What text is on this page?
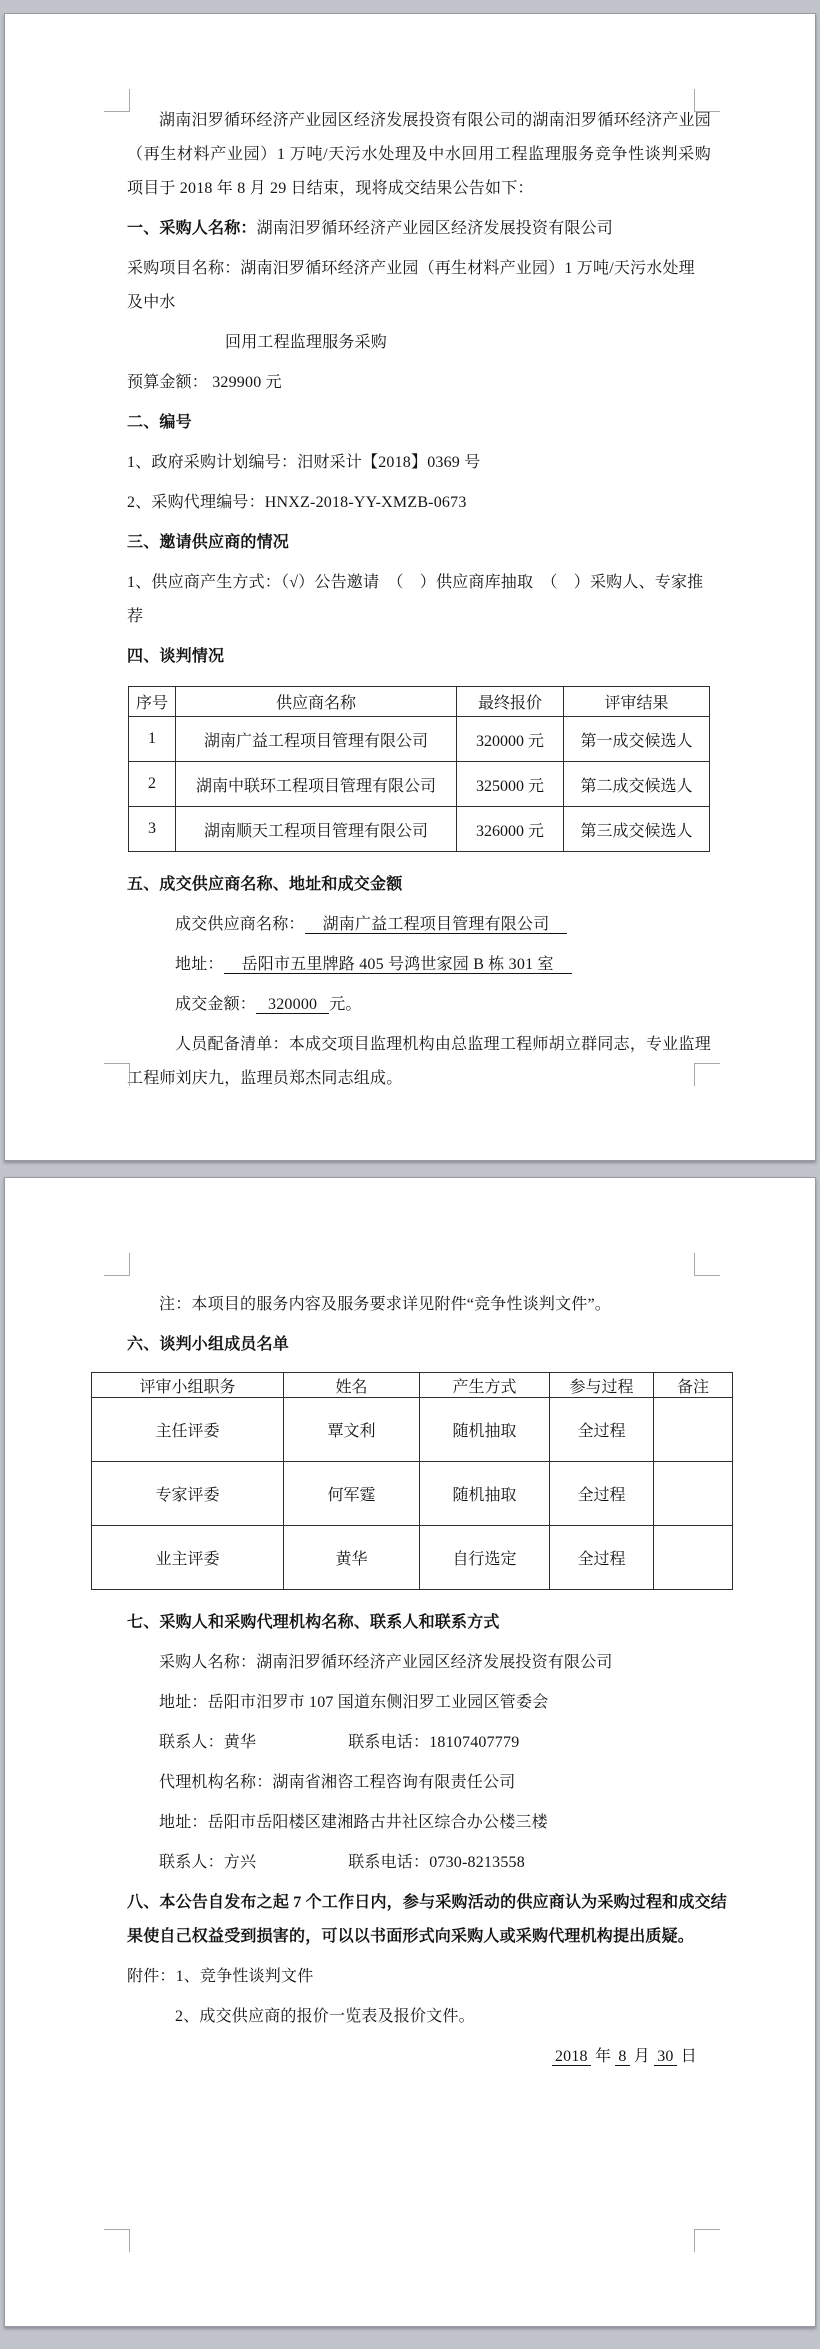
湖南汨罗循环经济产业园区经济发展投资有限公司的湖南汨罗循环经济产业园（再生材料产业园）1 万吨/天污水处理及中水回用工程监理服务竞争性谈判采购项目于 2018 年 8 月 29 日结束，现将成交结果公告如下：

一、采购人名称：湖南汨罗循环经济产业园区经济发展投资有限公司

采购项目名称：湖南汨罗循环经济产业园（再生材料产业园）1 万吨/天污水处理及中水

回用工程监理服务采购

预算金额： 329900 元

二、编号

1、政府采购计划编号：汨财采计【2018】0369 号

2、采购代理编号：HNXZ-2018-YY-XMZB-0673

三、邀请供应商的情况

1、供应商产生方式：（√）公告邀请　（　）供应商库抽取　（　）采购人、专家推荐

四、谈判情况

序号	供应商名称	最终报价	评审结果
1	湖南广益工程项目管理有限公司	320000 元	第一成交候选人
2	湖南中联环工程项目管理有限公司	325000 元	第二成交候选人
3	湖南顺天工程项目管理有限公司	326000 元	第三成交候选人

五、成交供应商名称、地址和成交金额

成交供应商名称： 湖南广益工程项目管理有限公司

地址： 岳阳市五里牌路 405 号鸿世家园 B 栋 301 室

成交金额： 320000 元。

人员配备清单：本成交项目监理机构由总监理工程师胡立群同志，专业监理工程师刘庆九，监理员郑杰同志组成。

注：本项目的服务内容及服务要求详见附件“竞争性谈判文件”。

六、谈判小组成员名单

评审小组职务	姓名	产生方式	参与过程	备注
主任评委	覃文利	随机抽取	全过程	
专家评委	何军霆	随机抽取	全过程	
业主评委	黄华	自行选定	全过程	

七、采购人和采购代理机构名称、联系人和联系方式

采购人名称：湖南汨罗循环经济产业园区经济发展投资有限公司

地址：岳阳市汨罗市 107 国道东侧汨罗工业园区管委会

联系人：黄华	联系电话：18107407779

代理机构名称：湖南省湘咨工程咨询有限责任公司

地址：岳阳市岳阳楼区建湘路古井社区综合办公楼三楼

联系人：方兴	联系电话：0730-8213558

八、本公告自发布之起 7 个工作日内，参与采购活动的供应商认为采购过程和成交结果使自己权益受到损害的，可以以书面形式向采购人或采购代理机构提出质疑。

附件：1、竞争性谈判文件

2、成交供应商的报价一览表及报价文件。

2018 年 8 月 30 日
